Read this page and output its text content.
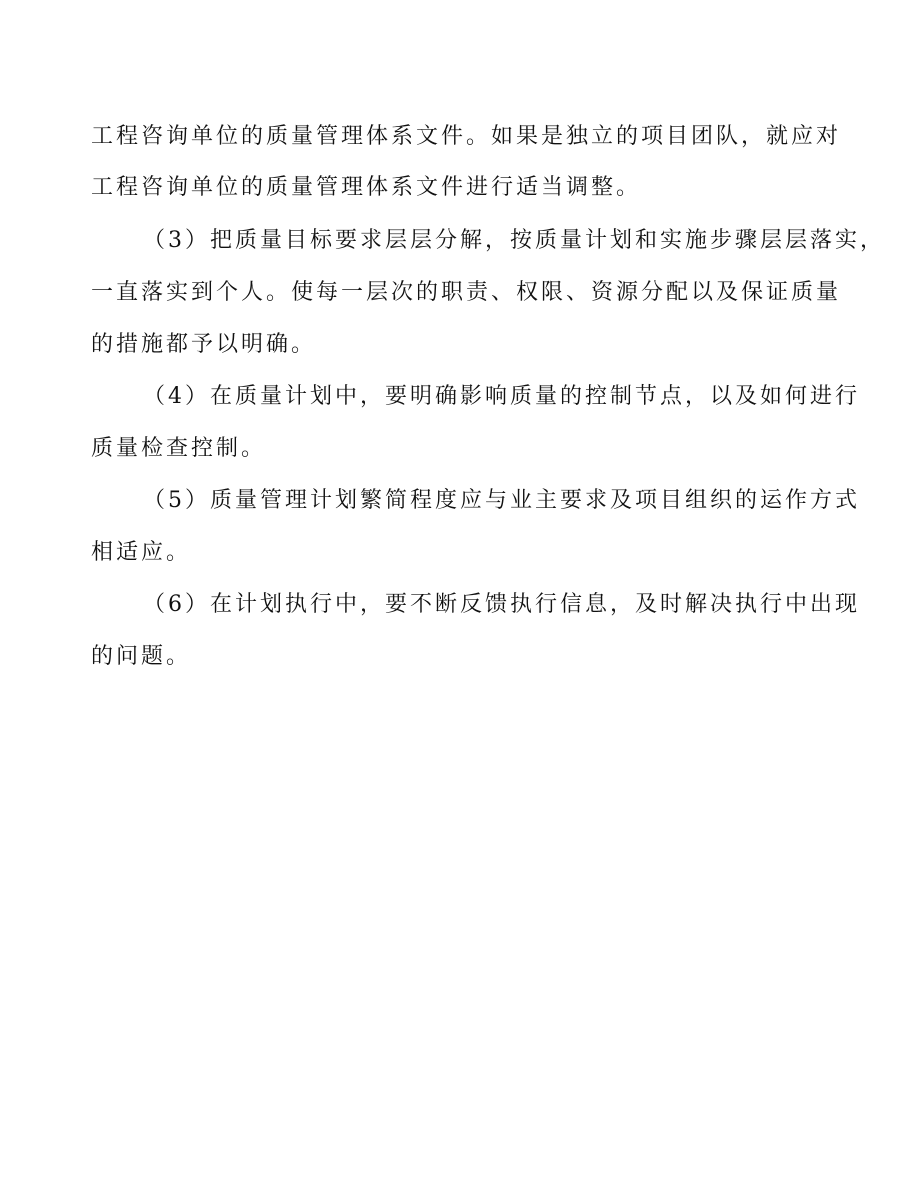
工程咨询单位的质量管理体系文件。如果是独立的项目团队，就应对
工程咨询单位的质量管理体系文件进行适当调整。
（3）把质量目标要求层层分解，按质量计划和实施步骤层层落实，
一直落实到个人。使每一层次的职责、权限、资源分配以及保证质量
的措施都予以明确。
（4）在质量计划中，要明确影响质量的控制节点，以及如何进行
质量检查控制。
（5）质量管理计划繁简程度应与业主要求及项目组织的运作方式
相适应。
（6）在计划执行中，要不断反馈执行信息，及时解决执行中出现
的问题。
